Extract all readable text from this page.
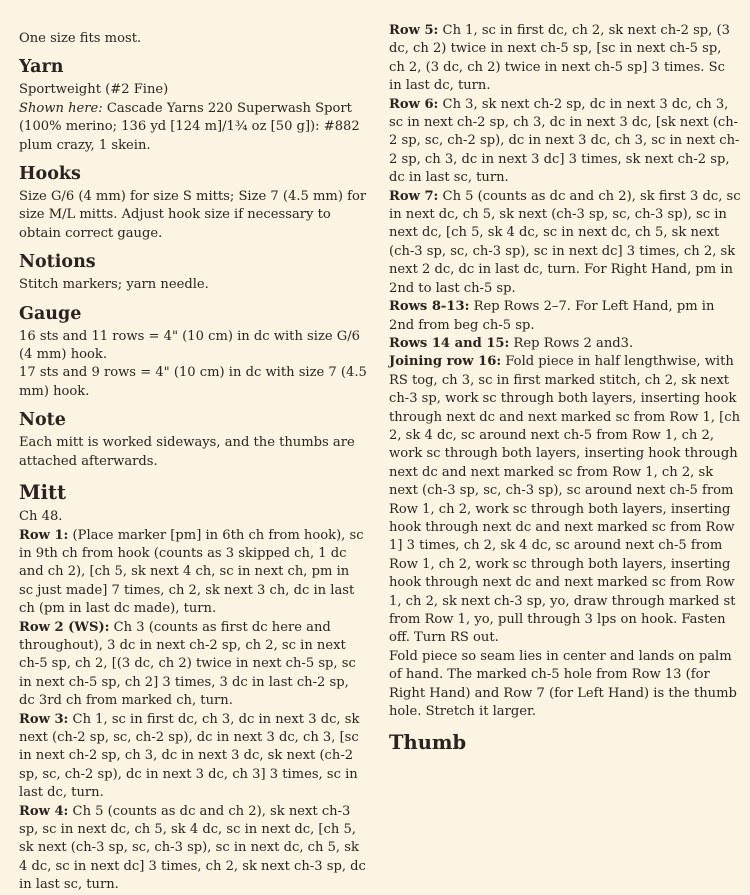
One size fits most.

Yarn

Sportweight (#2 Fine)

Shown here: Cascade Yarns 220 Superwash Sport (100% merino; 136 yd [124 m]/1¾ oz [50 g]): #882 plum crazy, 1 skein.

Hooks

Size G/6 (4 mm) for size S mitts; Size 7 (4.5 mm) for size M/L mitts. Adjust hook size if necessary to obtain correct gauge.

Notions

Stitch markers; yarn needle.

Gauge

16 sts and 11 rows = 4" (10 cm) in dc with size G/6 (4 mm) hook.

17 sts and 9 rows = 4" (10 cm) in dc with size 7 (4.5 mm) hook.

Note

Each mitt is worked sideways, and the thumbs are attached afterwards.

Mitt

Ch 48.

Row 1: (Place marker [pm] in 6th ch from hook), sc in 9th ch from hook (counts as 3 skipped ch, 1 dc and ch 2), [ch 5, sk next 4 ch, sc in next ch, pm in sc just made] 7 times, ch 2, sk next 3 ch, dc in last ch (pm in last dc made), turn.

Row 2 (WS): Ch 3 (counts as first dc here and throughout), 3 dc in next ch-2 sp, ch 2, sc in next ch-5 sp, ch 2, [(3 dc, ch 2) twice in next ch-5 sp, sc in next ch-5 sp, ch 2] 3 times, 3 dc in last ch-2 sp, dc 3rd ch from marked ch, turn.

Row 3: Ch 1, sc in first dc, ch 3, dc in next 3 dc, sk next (ch-2 sp, sc, ch-2 sp), dc in next 3 dc, ch 3, [sc in next ch-2 sp, ch 3, dc in next 3 dc, sk next (ch-2 sp, sc, ch-2 sp), dc in next 3 dc, ch 3] 3 times, sc in last dc, turn.

Row 4: Ch 5 (counts as dc and ch 2), sk next ch-3 sp, sc in next dc, ch 5, sk 4 dc, sc in next dc, [ch 5, sk next (ch-3 sp, sc, ch-3 sp), sc in next dc, ch 5, sk 4 dc, sc in next dc] 3 times, ch 2, sk next ch-3 sp, dc in last sc, turn.

Row 5: Ch 1, sc in first dc, ch 2, sk next ch-2 sp, (3 dc, ch 2) twice in next ch-5 sp, [sc in next ch-5 sp, ch 2, (3 dc, ch 2) twice in next ch-5 sp] 3 times. Sc in last dc, turn.

Row 6: Ch 3, sk next ch-2 sp, dc in next 3 dc, ch 3, sc in next ch-2 sp, ch 3, dc in next 3 dc, [sk next (ch-2 sp, sc, ch-2 sp), dc in next 3 dc, ch 3, sc in next ch-2 sp, ch 3, dc in next 3 dc] 3 times, sk next ch-2 sp, dc in last sc, turn.

Row 7: Ch 5 (counts as dc and ch 2), sk first 3 dc, sc in next dc, ch 5, sk next (ch-3 sp, sc, ch-3 sp), sc in next dc, [ch 5, sk 4 dc, sc in next dc, ch 5, sk next (ch-3 sp, sc, ch-3 sp), sc in next dc] 3 times, ch 2, sk next 2 dc, dc in last dc, turn. For Right Hand, pm in 2nd to last ch-5 sp.

Rows 8-13: Rep Rows 2–7. For Left Hand, pm in 2nd from beg ch-5 sp.

Rows 14 and 15: Rep Rows 2 and3.

Joining row 16: Fold piece in half lengthwise, with RS tog, ch 3, sc in first marked stitch, ch 2, sk next ch-3 sp, work sc through both layers, inserting hook through next dc and next marked sc from Row 1, [ch 2, sk 4 dc, sc around next ch-5 from Row 1, ch 2, work sc through both layers, inserting hook through next dc and next marked sc from Row 1, ch 2, sk next (ch-3 sp, sc, ch-3 sp), sc around next ch-5 from Row 1, ch 2, work sc through both layers, inserting hook through next dc and next marked sc from Row 1] 3 times, ch 2, sk 4 dc, sc around next ch-5 from Row 1, ch 2, work sc through both layers, inserting hook through next dc and next marked sc from Row 1, ch 2, sk next ch-3 sp, yo, draw through marked st from Row 1, yo, pull through 3 lps on hook. Fasten off. Turn RS out.

Fold piece so seam lies in center and lands on palm of hand. The marked ch-5 hole from Row 13 (for Right Hand) and Row 7 (for Left Hand) is the thumb hole. Stretch it larger.

Thumb
